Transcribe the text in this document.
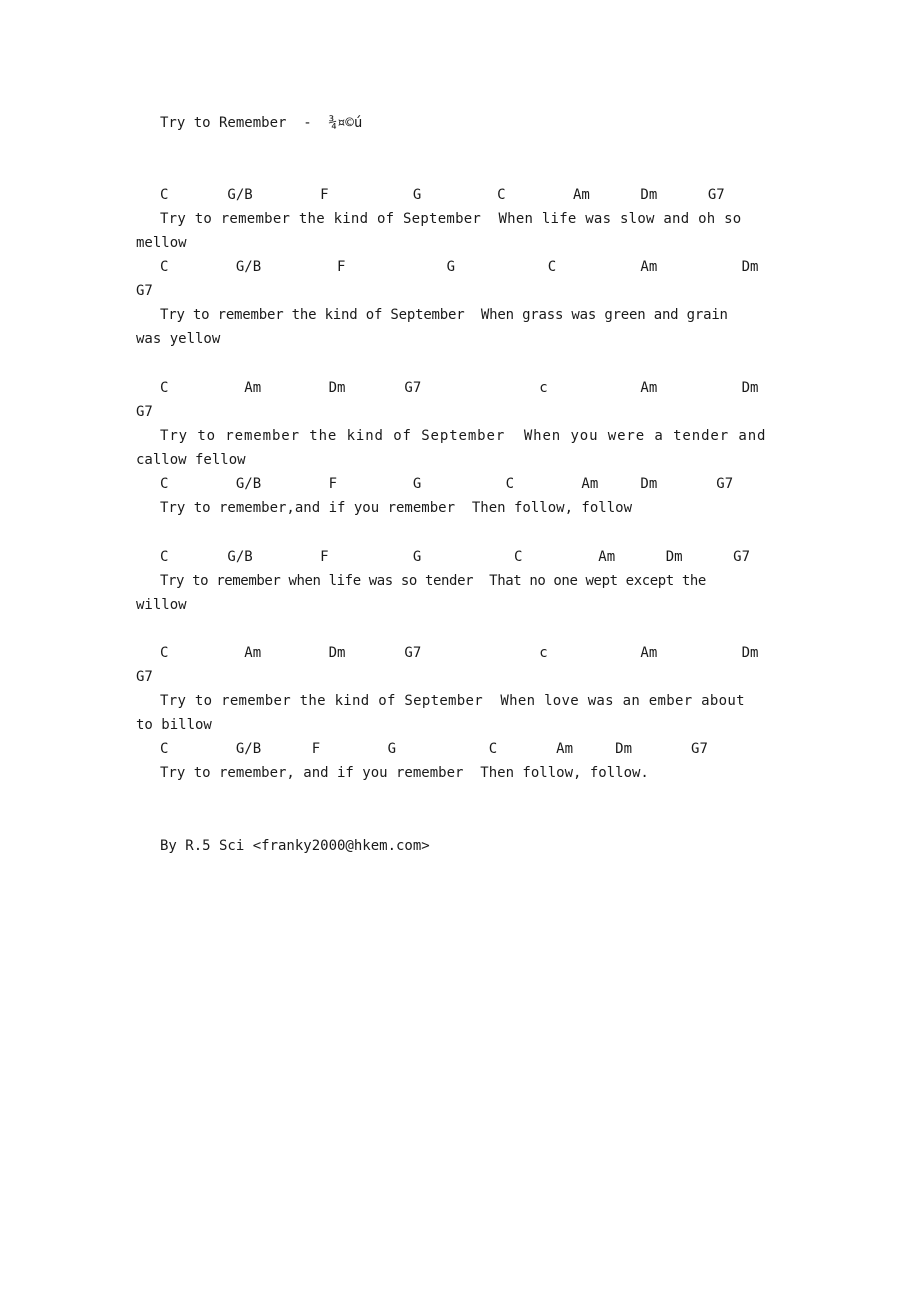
Try to Remember  -  ¾¤©ú
C       G/B        F          G         C        Am      Dm      G7
Try to remember the kind of September  When life was slow and oh so
mellow
C        G/B         F            G           C          Am          Dm
G7
Try to remember the kind of September  When grass was green and grain
was yellow
C         Am        Dm       G7              c           Am          Dm
G7
Try to remember the kind of September  When you were a tender and
callow fellow
C        G/B        F         G          C        Am     Dm       G7
Try to remember,and if you remember  Then follow, follow
C       G/B        F          G           C         Am      Dm      G7
Try to remember when life was so tender  That no one wept except the
willow
C         Am        Dm       G7              c           Am          Dm
G7
Try to remember the kind of September  When love was an ember about
to billow
C        G/B      F        G           C       Am     Dm       G7
Try to remember, and if you remember  Then follow, follow.
By R.5 Sci <franky2000@hkem.com>
